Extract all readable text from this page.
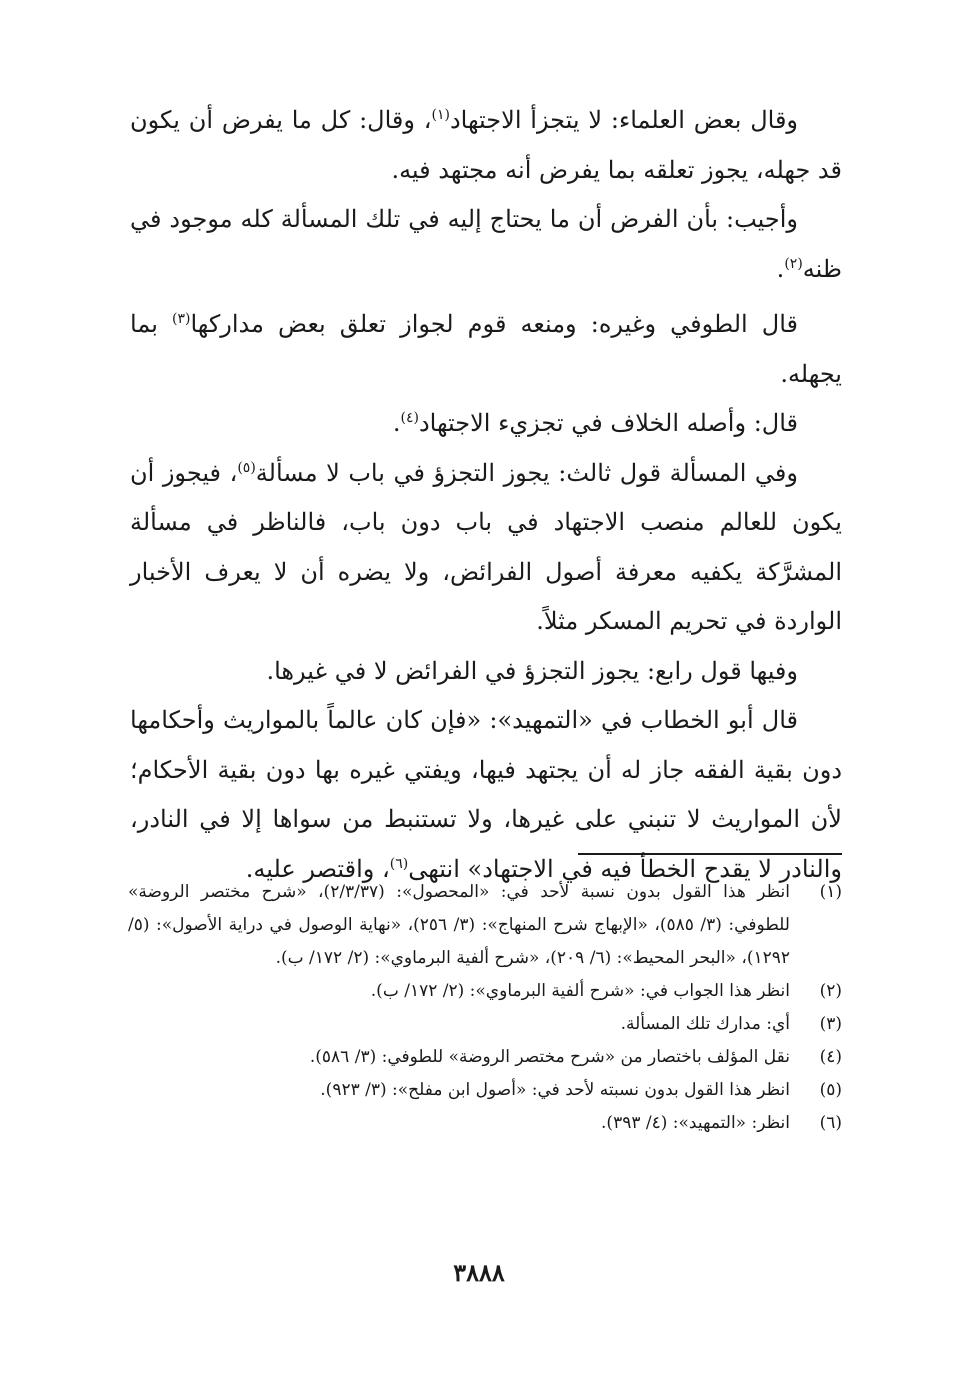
وقال بعض العلماء: لا يتجزأ الاجتهاد$^{(١)}$، وقال: كل ما يفرض أن يكون قد جهله، يجوز تعلقه بما يفرض أنه مجتهد فيه.

وأجيب: بأن الفرض أن ما يحتاج إليه في تلك المسألة كله موجود في ظنه$^{(٢)}$.

قال الطوفي وغيره: ومنعه قوم لجواز تعلق بعض مداركها$^{(٣)}$ بما يجهله.

قال: وأصله الخلاف في تجزيء الاجتهاد$^{(٤)}$.

وفي المسألة قول ثالث: يجوز التجزؤ في باب لا مسألة$^{(٥)}$، فيجوز أن يكون للعالم منصب الاجتهاد في باب دون باب، فالناظر في مسألة المشرَّكة يكفيه معرفة أصول الفرائض، ولا يضره أن لا يعرف الأخبار الواردة في تحريم المسكر مثلاً.

وفيها قول رابع: يجوز التجزؤ في الفرائض لا في غيرها.

قال أبو الخطاب في «التمهيد»: «فإن كان عالماً بالمواريث وأحكامها دون بقية الفقه جاز له أن يجتهد فيها، ويفتي غيره بها دون بقية الأحكام؛ لأن المواريث لا تنبني على غيرها، ولا تستنبط من سواها إلا في النادر، والنادر لا يقدح الخطأ فيه في الاجتهاد» انتهى$^{(٦)}$، واقتصر عليه.

(١)
انظر هذا القول بدون نسبة لأحد في: «المحصول»: (٢/٣/٣٧)، «شرح مختصر الروضة» للطوفي: (٣/ ٥٨٥)، «الإبهاج شرح المنهاج»: (٣/ ٢٥٦)، «نهاية الوصول في دراية الأصول»: (٥/ ١٢٩٢)، «البحر المحيط»: (٦/ ٢٠٩)، «شرح ألفية البرماوي»: (٢/ ١٧٢/ ب).
(٢)
انظر هذا الجواب في: «شرح ألفية البرماوي»: (٢/ ١٧٢/ ب).
(٣)
أي: مدارك تلك المسألة.
(٤)
نقل المؤلف باختصار من «شرح مختصر الروضة» للطوفي: (٣/ ٥٨٦).
(٥)
انظر هذا القول بدون نسبته لأحد في: «أصول ابن مفلح»: (٣/ ٩٢٣).
(٦)
انظر: «التمهيد»: (٤/ ٣٩٣).
٣٨٨٨
